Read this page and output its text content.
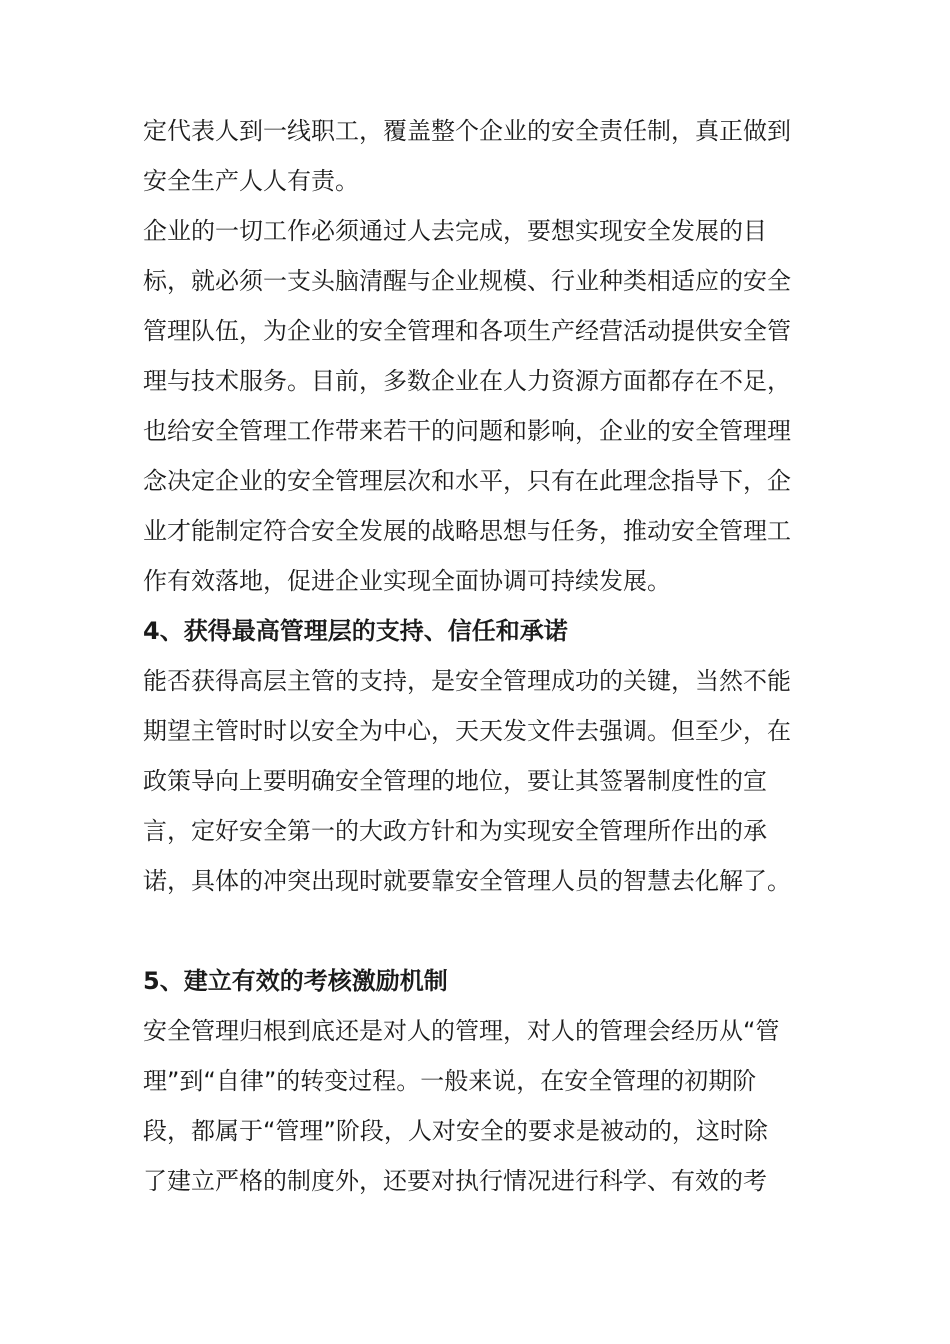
定代表人到一线职工，覆盖整个企业的安全责任制，真正做到
安全生产人人有责。
企业的一切工作必须通过人去完成，要想实现安全发展的目
标，就必须一支头脑清醒与企业规模、行业种类相适应的安全
管理队伍，为企业的安全管理和各项生产经营活动提供安全管
理与技术服务。目前，多数企业在人力资源方面都存在不足，
也给安全管理工作带来若干的问题和影响，企业的安全管理理
念决定企业的安全管理层次和水平，只有在此理念指导下，企
业才能制定符合安全发展的战略思想与任务，推动安全管理工
作有效落地，促进企业实现全面协调可持续发展。
4、获得最高管理层的支持、信任和承诺
能否获得高层主管的支持，是安全管理成功的关键，当然不能
期望主管时时以安全为中心，天天发文件去强调。但至少，在
政策导向上要明确安全管理的地位，要让其签署制度性的宣
言，定好安全第一的大政方针和为实现安全管理所作出的承
诺，具体的冲突出现时就要靠安全管理人员的智慧去化解了。
5、建立有效的考核激励机制
安全管理归根到底还是对人的管理，对人的管理会经历从“管
理”到“自律”的转变过程。一般来说，在安全管理的初期阶
段，都属于“管理”阶段，人对安全的要求是被动的，这时除
了建立严格的制度外，还要对执行情况进行科学、有效的考
